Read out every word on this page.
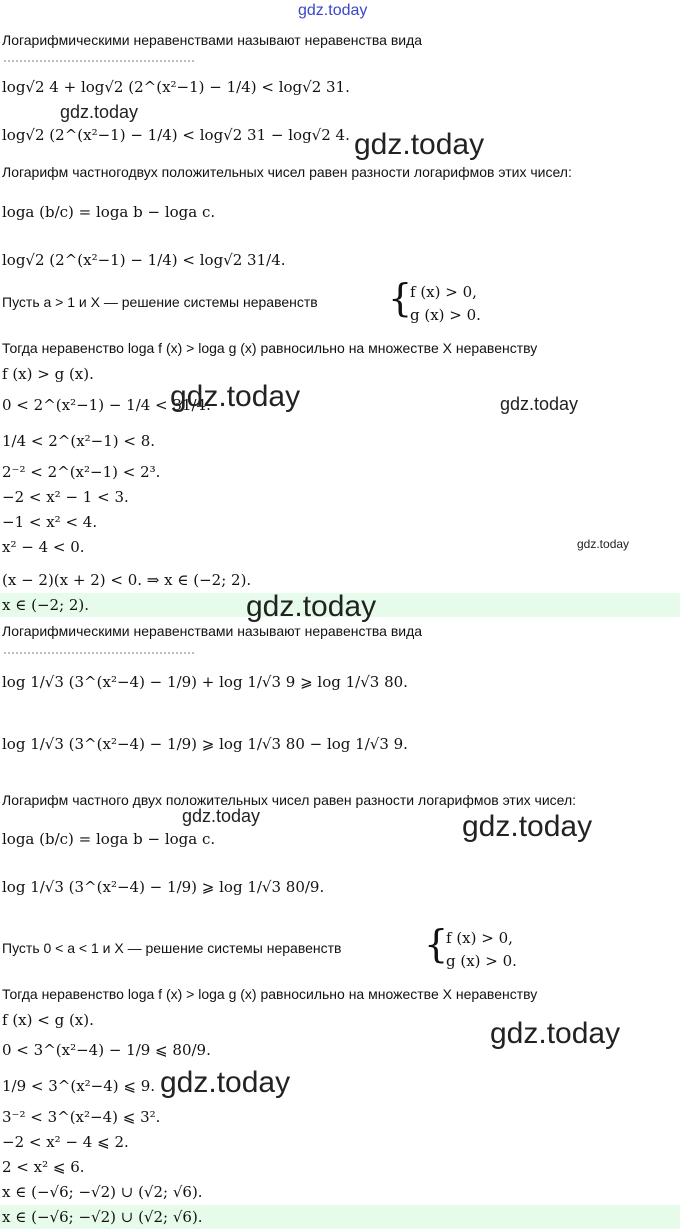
gdz.today
Логарифмическими неравенствами называют неравенства вида
log√2 4 + log√2 (2^(x²−1) − 1/4) < log√2 31.
log√2 (2^(x²−1) − 1/4) < log√2 31 − log√2 4.
Логарифм частногодвух положительных чисел равен разности логарифмов этих чисел:
loga (b/c) = loga b − loga c.
log√2 (2^(x²−1) − 1/4) < log√2 31/4.
Пусть a > 1 и X — решение системы неравенств {
f (x) > 0,
g (x) > 0.
Тогда неравенство loga f (x) > loga g (x) равносильно на множестве X неравенству
f (x) > g (x).
0 < 2^(x²−1) − 1/4 < 31/4.
1/4 < 2^(x²−1) < 8.
2⁻² < 2^(x²−1) < 2³.
−2 < x² − 1 < 3.
−1 < x² < 4.
x² − 4 < 0.
(x − 2)(x + 2) < 0. ⇒ x ∈ (−2; 2).
x ∈ (−2; 2).
Логарифмическими неравенствами называют неравенства вида
log 1/√3 (3^(x²−4) − 1/9) + log 1/√3 9 ⩾ log 1/√3 80.
log 1/√3 (3^(x²−4) − 1/9) ⩾ log 1/√3 80 − log 1/√3 9.
Логарифм частного двух положительных чисел равен разности логарифмов этих чисел:
loga (b/c) = loga b − loga c.
log 1/√3 (3^(x²−4) − 1/9) ⩾ log 1/√3 80/9.
Пусть 0 < a < 1 и X — решение системы неравенств {
f (x) > 0,
g (x) > 0.
Тогда неравенство loga f (x) > loga g (x) равносильно на множестве X неравенству
f (x) < g (x).
0 < 3^(x²−4) − 1/9 ⩽ 80/9.
1/9 < 3^(x²−4) ⩽ 9.
3⁻² < 3^(x²−4) ⩽ 3².
−2 < x² − 4 ⩽ 2.
2 < x² ⩽ 6.
x ∈ (−√6; −√2) ∪ (√2; √6).
x ∈ (−√6; −√2) ∪ (√2; √6).
gdz.today
gdz.today
gdz.today	gdz.today
gdz.today
gdz.today
gdz.today	gdz.today
gdz.today
gdz.today
